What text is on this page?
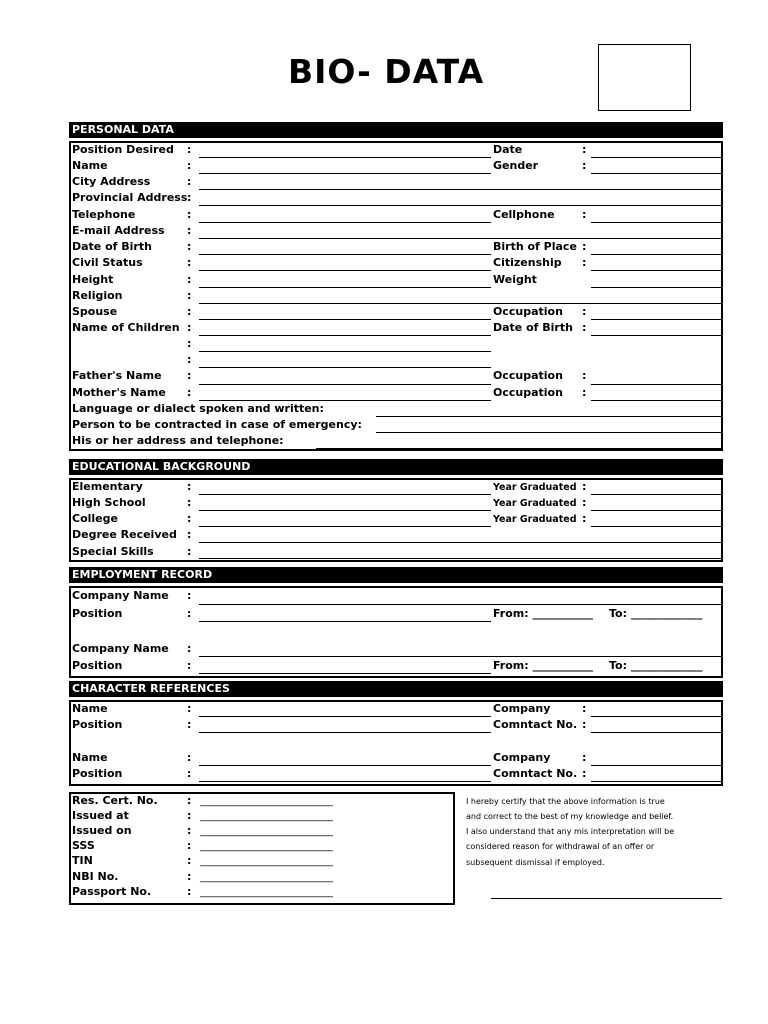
BIO- DATA
PERSONAL DATA
Position Desired
Name
City Address
Provincial Address
Telephone
E-mail Address
Date of Birth
Civil Status
Height
Religion
Spouse
Name of Children
Father's Name
Mother's Name
Language or dialect spoken and written:
Person to be contracted in case of emergency:
His or her address and telephone:
:
:
:
:
:
:
:
:
:
:
:
:
:
:
:
:
Date
Gender
Cellphone
Birth of Place
Citizenship
Weight
Occupation
Date of Birth
Occupation
Occupation
:
:
:
:
:
:
:
:
:
EDUCATIONAL BACKGROUND
Elementary
High School
College
Degree Received
Special Skills
:
:
:
:
:
Year Graduated
Year Graduated
Year Graduated
:
:
:
EMPLOYMENT RECORD
Company Name
Position
Company Name
Position
:
:
:
:
From: ___________ To: _____________
From: ___________ To: _____________
CHARACTER REFERENCES
Name
Position
Name
Position
:
:
:
:
Company
Comntact No.
Company
Comntact No.
:
:
:
:
Res. Cert. No.
Issued at
Issued on
SSS
TIN
NBI No.
Passport No.
:
:
:
:
:
:
:
_________________________________
_________________________________
_________________________________
_________________________________
_________________________________
_________________________________
_________________________________
I hereby certify that the above information is true
and correct to the best of my knowledge and belief.
I also understand that any mis interpretation will be
considered reason for withdrawal of an offer or
subsequent dismissal if employed.
